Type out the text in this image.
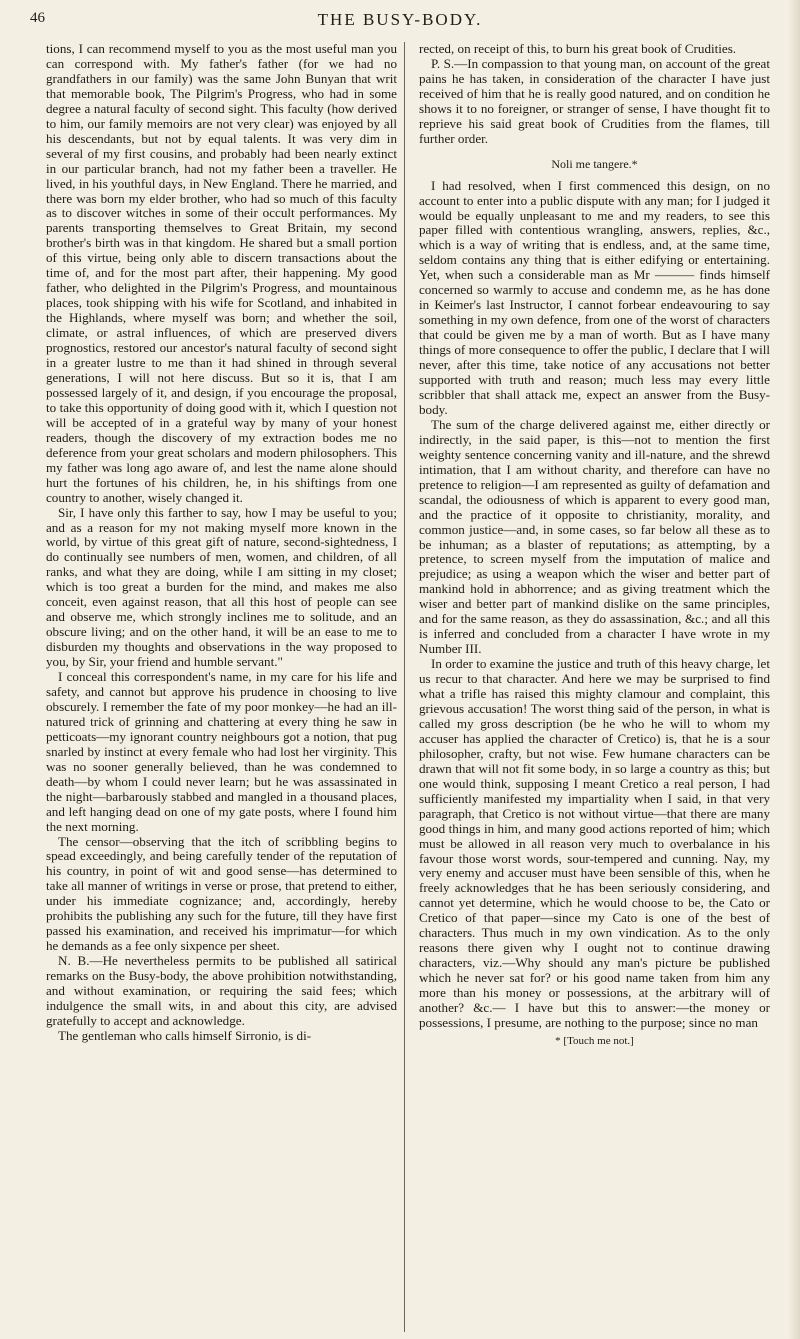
46	THE BUSY-BODY.

tions, I can recommend myself to you as the most useful man you can correspond with. My father's father (for we had no grandfathers in our family) was the same John Bunyan that writ that memorable book, The Pilgrim's Progress, who had in some degree a natural faculty of second sight. This faculty (how derived to him, our family memoirs are not very clear) was enjoyed by all his descendants, but not by equal talents. It was very dim in several of my first cousins, and probably had been nearly extinct in our particular branch, had not my father been a traveller. He lived, in his youthful days, in New England. There he married, and there was born my elder brother, who had so much of this faculty as to discover witches in some of their occult performances. My parents transporting themselves to Great Britain, my second brother's birth was in that kingdom. He shared but a small portion of this virtue, being only able to discern transactions about the time of, and for the most part after, their happening. My good father, who delighted in the Pilgrim's Progress, and mountainous places, took shipping with his wife for Scotland, and inhabited in the Highlands, where myself was born; and whether the soil, climate, or astral influences, of which are preserved divers prognostics, restored our ancestor's natural faculty of second sight in a greater lustre to me than it had shined in through several generations, I will not here discuss. But so it is, that I am possessed largely of it, and design, if you encourage the proposal, to take this opportunity of doing good with it, which I question not will be accepted of in a grateful way by many of your honest readers, though the discovery of my extraction bodes me no deference from your great scholars and modern philosophers. This my father was long ago aware of, and lest the name alone should hurt the fortunes of his children, he, in his shiftings from one country to another, wisely changed it.

Sir, I have only this farther to say, how I may be useful to you; and as a reason for my not making myself more known in the world, by virtue of this great gift of nature, second-sightedness, I do continually see numbers of men, women, and children, of all ranks, and what they are doing, while I am sitting in my closet; which is too great a burden for the mind, and makes me also conceit, even against reason, that all this host of people can see and observe me, which strongly inclines me to solitude, and an obscure living; and on the other hand, it will be an ease to me to disburden my thoughts and observations in the way proposed to you, by Sir, your friend and humble servant."

I conceal this correspondent's name, in my care for his life and safety, and cannot but approve his prudence in choosing to live obscurely. I remember the fate of my poor monkey—he had an ill-natured trick of grinning and chattering at every thing he saw in petticoats—my ignorant country neighbours got a notion, that pug snarled by instinct at every female who had lost her virginity. This was no sooner generally believed, than he was condemned to death—by whom I could never learn; but he was assassinated in the night—barbarously stabbed and mangled in a thousand places, and left hanging dead on one of my gate posts, where I found him the next morning.

The censor—observing that the itch of scribbling begins to spead exceedingly, and being carefully tender of the reputation of his country, in point of wit and good sense—has determined to take all manner of writings in verse or prose, that pretend to either, under his immediate cognizance; and, accordingly, hereby prohibits the publishing any such for the future, till they have first passed his examination, and received his imprimatur—for which he demands as a fee only sixpence per sheet.

N. B.—He nevertheless permits to be published all satirical remarks on the Busy-body, the above prohibition notwithstanding, and without examination, or requiring the said fees; which indulgence the small wits, in and about this city, are advised gratefully to accept and acknowledge.

The gentleman who calls himself Sirronio, is di-

rected, on receipt of this, to burn his great book of Crudities.

P. S.—In compassion to that young man, on account of the great pains he has taken, in consideration of the character I have just received of him that he is really good natured, and on condition he shows it to no foreigner, or stranger of sense, I have thought fit to reprieve his said great book of Crudities from the flames, till further order.

Noli me tangere.*

I had resolved, when I first commenced this design, on no account to enter into a public dispute with any man; for I judged it would be equally unpleasant to me and my readers, to see this paper filled with contentious wrangling, answers, replies, &c., which is a way of writing that is endless, and, at the same time, seldom contains any thing that is either edifying or entertaining. Yet, when such a considerable man as Mr ——— finds himself concerned so warmly to accuse and condemn me, as he has done in Keimer's last Instructor, I cannot forbear endeavouring to say something in my own defence, from one of the worst of characters that could be given me by a man of worth. But as I have many things of more consequence to offer the public, I declare that I will never, after this time, take notice of any accusations not better supported with truth and reason; much less may every little scribbler that shall attack me, expect an answer from the Busy-body.

The sum of the charge delivered against me, either directly or indirectly, in the said paper, is this—not to mention the first weighty sentence concerning vanity and ill-nature, and the shrewd intimation, that I am without charity, and therefore can have no pretence to religion—I am represented as guilty of defamation and scandal, the odiousness of which is apparent to every good man, and the practice of it opposite to christianity, morality, and common justice—and, in some cases, so far below all these as to be inhuman; as a blaster of reputations; as attempting, by a pretence, to screen myself from the imputation of malice and prejudice; as using a weapon which the wiser and better part of mankind hold in abhorrence; and as giving treatment which the wiser and better part of mankind dislike on the same principles, and for the same reason, as they do assassination, &c.; and all this is inferred and concluded from a character I have wrote in my Number III.

In order to examine the justice and truth of this heavy charge, let us recur to that character. And here we may be surprised to find what a trifle has raised this mighty clamour and complaint, this grievous accusation! The worst thing said of the person, in what is called my gross description (be he who he will to whom my accuser has applied the character of Cretico) is, that he is a sour philosopher, crafty, but not wise. Few humane characters can be drawn that will not fit some body, in so large a country as this; but one would think, supposing I meant Cretico a real person, I had sufficiently manifested my impartiality when I said, in that very paragraph, that Cretico is not without virtue—that there are many good things in him, and many good actions reported of him; which must be allowed in all reason very much to overbalance in his favour those worst words, sour-tempered and cunning. Nay, my very enemy and accuser must have been sensible of this, when he freely acknowledges that he has been seriously considering, and cannot yet determine, which he would choose to be, the Cato or Cretico of that paper—since my Cato is one of the best of characters. Thus much in my own vindication. As to the only reasons there given why I ought not to continue drawing characters, viz.—Why should any man's picture be published which he never sat for? or his good name taken from him any more than his money or possessions, at the arbitrary will of another? &c.— I have but this to answer:—the money or possessions, I presume, are nothing to the purpose; since no man

* [Touch me not.]
